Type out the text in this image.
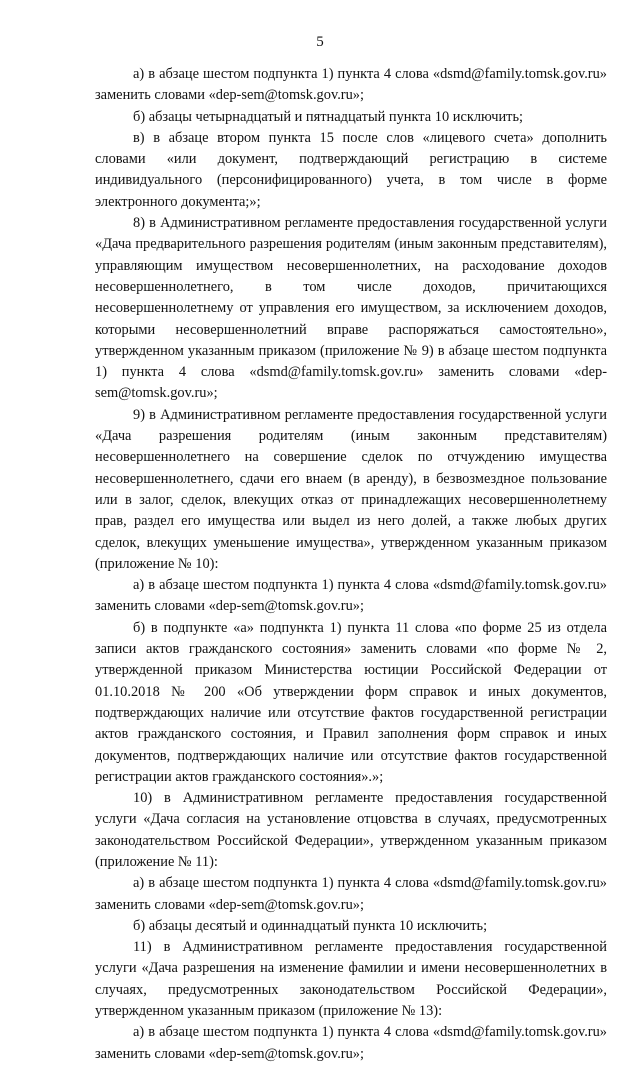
5

а) в абзаце шестом подпункта 1) пункта 4 слова «dsmd@family.tomsk.gov.ru» заменить словами «dep-sem@tomsk.gov.ru»;

б) абзацы четырнадцатый и пятнадцатый пункта 10 исключить;

в) в абзаце втором пункта 15 после слов «лицевого счета» дополнить словами «или документ, подтверждающий регистрацию в системе индивидуального (персонифицированного) учета, в том числе в форме электронного документа;»;

8) в Административном регламенте предоставления государственной услуги «Дача предварительного разрешения родителям (иным законным представителям), управляющим имуществом несовершеннолетних, на расходование доходов несовершеннолетнего, в том числе доходов, причитающихся несовершеннолетнему от управления его имуществом, за исключением доходов, которыми несовершеннолетний вправе распоряжаться самостоятельно», утвержденном указанным приказом (приложение № 9) в абзаце шестом подпункта 1) пункта 4 слова «dsmd@family.tomsk.gov.ru» заменить словами «dep-sem@tomsk.gov.ru»;

9) в Административном регламенте предоставления государственной услуги «Дача разрешения родителям (иным законным представителям) несовершеннолетнего на совершение сделок по отчуждению имущества несовершеннолетнего, сдачи его внаем (в аренду), в безвозмездное пользование или в залог, сделок, влекущих отказ от принадлежащих несовершеннолетнему прав, раздел его имущества или выдел из него долей, а также любых других сделок, влекущих уменьшение имущества», утвержденном указанным приказом (приложение № 10):

а) в абзаце шестом подпункта 1) пункта 4 слова «dsmd@family.tomsk.gov.ru» заменить словами «dep-sem@tomsk.gov.ru»;

б) в подпункте «а» подпункта 1) пункта 11 слова «по форме 25 из отдела записи актов гражданского состояния» заменить словами «по форме № 2, утвержденной приказом Министерства юстиции Российской Федерации от 01.10.2018 № 200 «Об утверждении форм справок и иных документов, подтверждающих наличие или отсутствие фактов государственной регистрации актов гражданского состояния, и Правил заполнения форм справок и иных документов, подтверждающих наличие или отсутствие фактов государственной регистрации актов гражданского состояния».»;

10) в Административном регламенте предоставления государственной услуги «Дача согласия на установление отцовства в случаях, предусмотренных законодательством Российской Федерации», утвержденном указанным приказом (приложение № 11):

а) в абзаце шестом подпункта 1) пункта 4 слова «dsmd@family.tomsk.gov.ru» заменить словами «dep-sem@tomsk.gov.ru»;

б) абзацы десятый и одиннадцатый пункта 10 исключить;

11) в Административном регламенте предоставления государственной услуги «Дача разрешения на изменение фамилии и имени несовершеннолетних в случаях, предусмотренных законодательством Российской Федерации», утвержденном указанным приказом (приложение № 13):

а) в абзаце шестом подпункта 1) пункта 4 слова «dsmd@family.tomsk.gov.ru» заменить словами «dep-sem@tomsk.gov.ru»;
